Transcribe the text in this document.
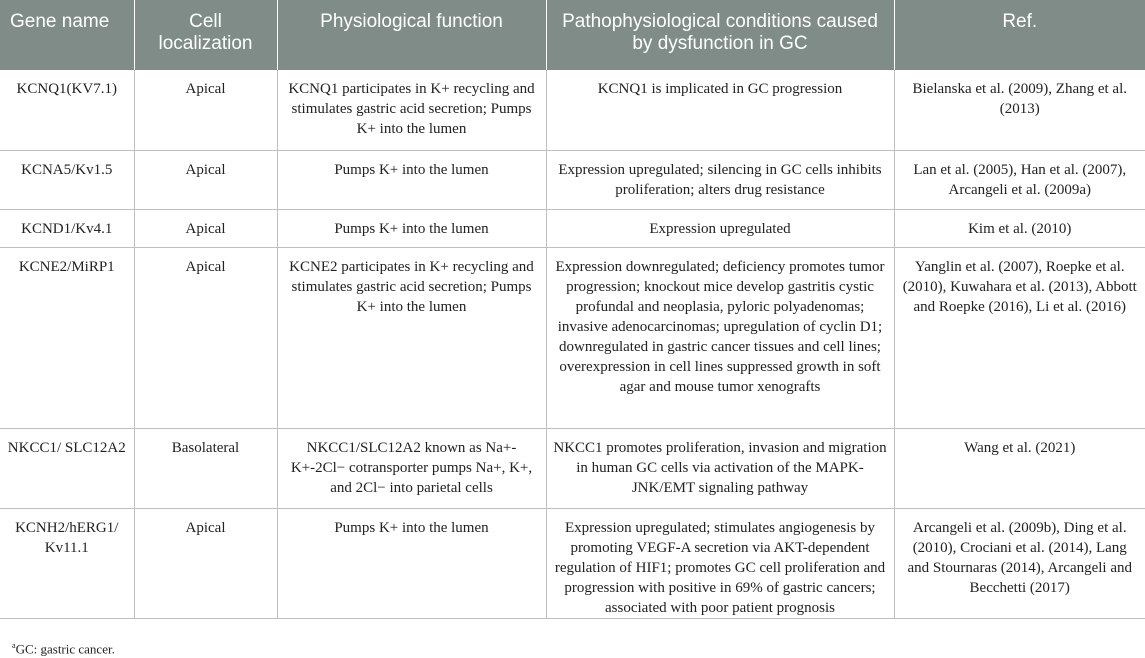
Gene name	Cell localization	Physiological function	Pathophysiological conditions caused by dysfunction in GC	Ref.
KCNQ1(KV7.1)	Apical	KCNQ1 participates in K+ recycling and stimulates gastric acid secretion; Pumps K+ into the lumen	KCNQ1 is implicated in GC progression	Bielanska et al. (2009), Zhang et al. (2013)
KCNA5/Kv1.5	Apical	Pumps K+ into the lumen	Expression upregulated; silencing in GC cells inhibits proliferation; alters drug resistance	Lan et al. (2005), Han et al. (2007), Arcangeli et al. (2009a)
KCND1/Kv4.1	Apical	Pumps K+ into the lumen	Expression upregulated	Kim et al. (2010)
KCNE2/MiRP1	Apical	KCNE2 participates in K+ recycling and stimulates gastric acid secretion; Pumps K+ into the lumen	Expression downregulated; deficiency promotes tumor progression; knockout mice develop gastritis cystic profundal and neoplasia, pyloric polyadenomas; invasive adenocarcinomas; upregulation of cyclin D1; downregulated in gastric cancer tissues and cell lines; overexpression in cell lines suppressed growth in soft agar and mouse tumor xenografts	Yanglin et al. (2007), Roepke et al. (2010), Kuwahara et al. (2013), Abbott and Roepke (2016), Li et al. (2016)
NKCC1/ SLC12A2	Basolateral	NKCC1/SLC12A2 known as Na+-K+-2Cl− cotransporter pumps Na+, K+, and 2Cl− into parietal cells	NKCC1 promotes proliferation, invasion and migration in human GC cells via activation of the MAPK-JNK/EMT signaling pathway	Wang et al. (2021)
KCNH2/hERG1/ Kv11.1	Apical	Pumps K+ into the lumen	Expression upregulated; stimulates angiogenesis by promoting VEGF-A secretion via AKT-dependent regulation of HIF1; promotes GC cell proliferation and progression with positive in 69% of gastric cancers; associated with poor patient prognosis	Arcangeli et al. (2009b), Ding et al. (2010), Crociani et al. (2014), Lang and Stournaras (2014), Arcangeli and Becchetti (2017)
$^a$GC: gastric cancer.
